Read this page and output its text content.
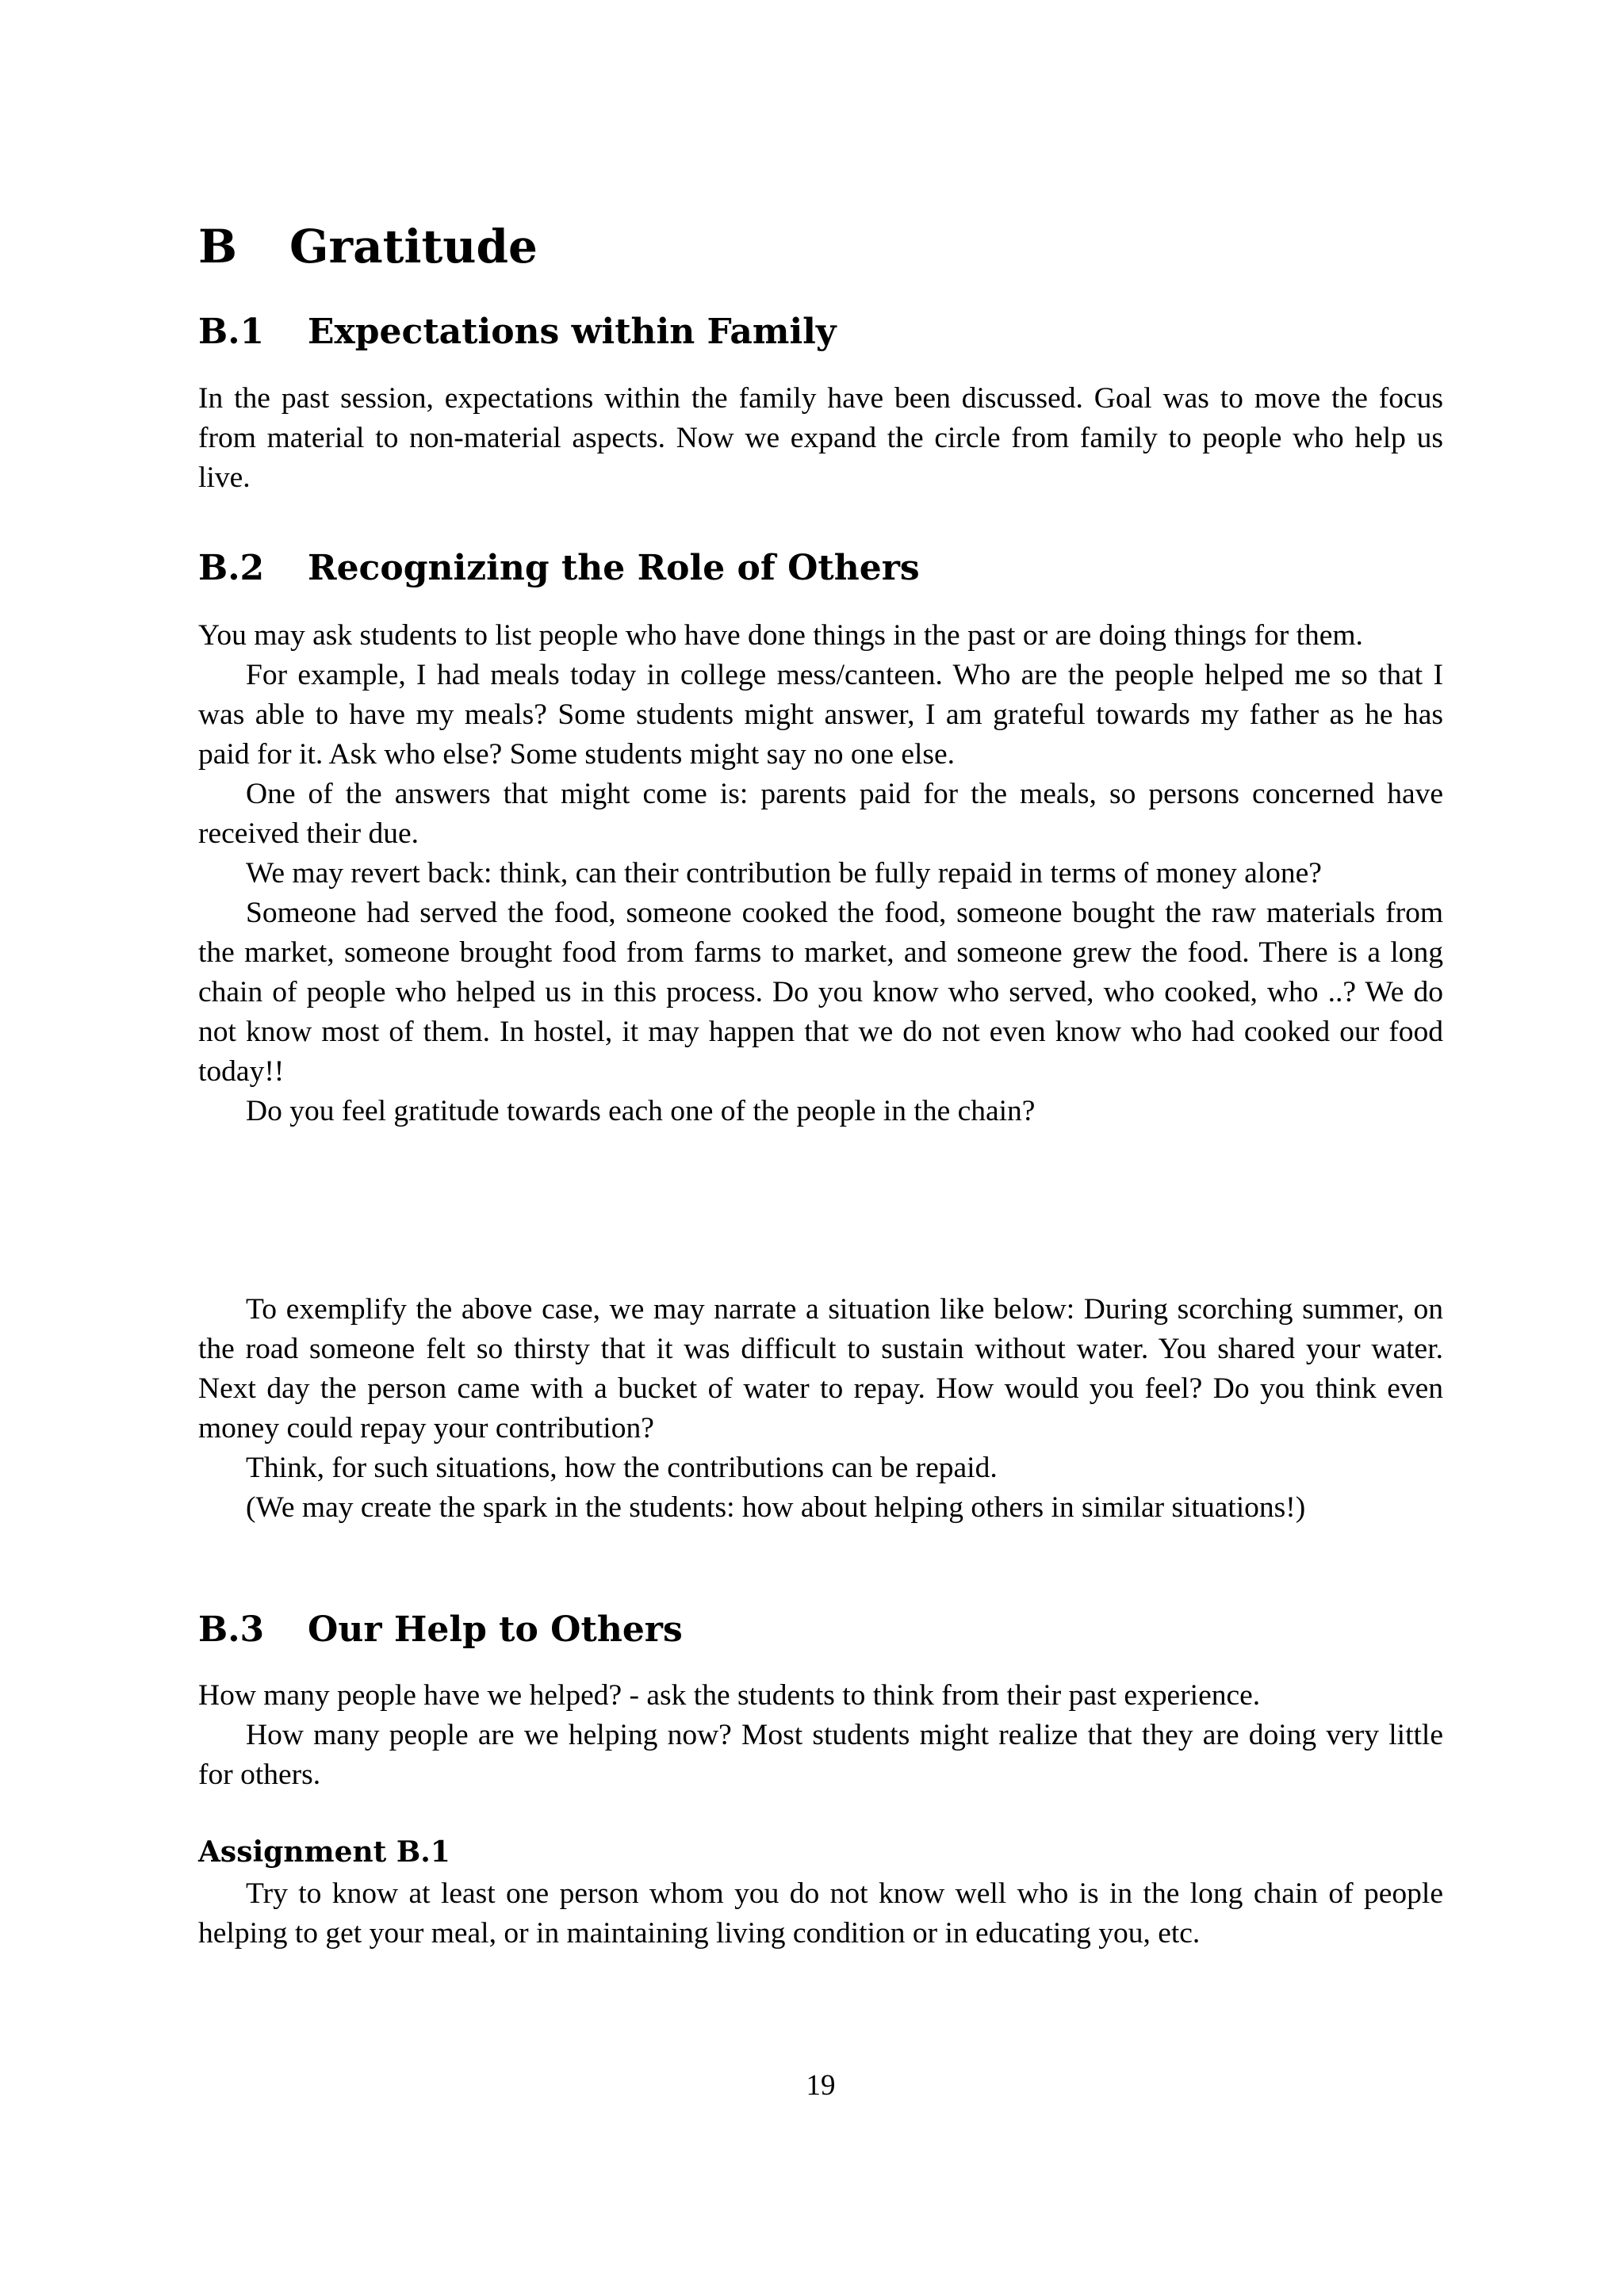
B Gratitude
B.1 Expectations within Family

In the past session, expectations within the family have been discussed. Goal was to move the focus from material to non-material aspects. Now we expand the circle from family to people who help us live.

B.2 Recognizing the Role of Others

You may ask students to list people who have done things in the past or are doing things for them.

For example, I had meals today in college mess/canteen. Who are the people helped me so that I was able to have my meals? Some students might answer, I am grateful towards my father as he has paid for it. Ask who else? Some students might say no one else.

One of the answers that might come is: parents paid for the meals, so persons concerned have received their due.

We may revert back: think, can their contribution be fully repaid in terms of money alone?

Someone had served the food, someone cooked the food, someone bought the raw materials from the market, someone brought food from farms to market, and someone grew the food. There is a long chain of people who helped us in this process. Do you know who served, who cooked, who ..? We do not know most of them. In hostel, it may happen that we do not even know who had cooked our food today!!

Do you feel gratitude towards each one of the people in the chain?

To exemplify the above case, we may narrate a situation like below: During scorching summer, on the road someone felt so thirsty that it was difficult to sustain without water. You shared your water. Next day the person came with a bucket of water to repay. How would you feel? Do you think even money could repay your contribution?

Think, for such situations, how the contributions can be repaid.

(We may create the spark in the students: how about helping others in similar situations!)

B.3 Our Help to Others

How many people have we helped? - ask the students to think from their past experience.

How many people are we helping now? Most students might realize that they are doing very little for others.

Assignment B.1

Try to know at least one person whom you do not know well who is in the long chain of people helping to get your meal, or in maintaining living condition or in educating you, etc.

19
